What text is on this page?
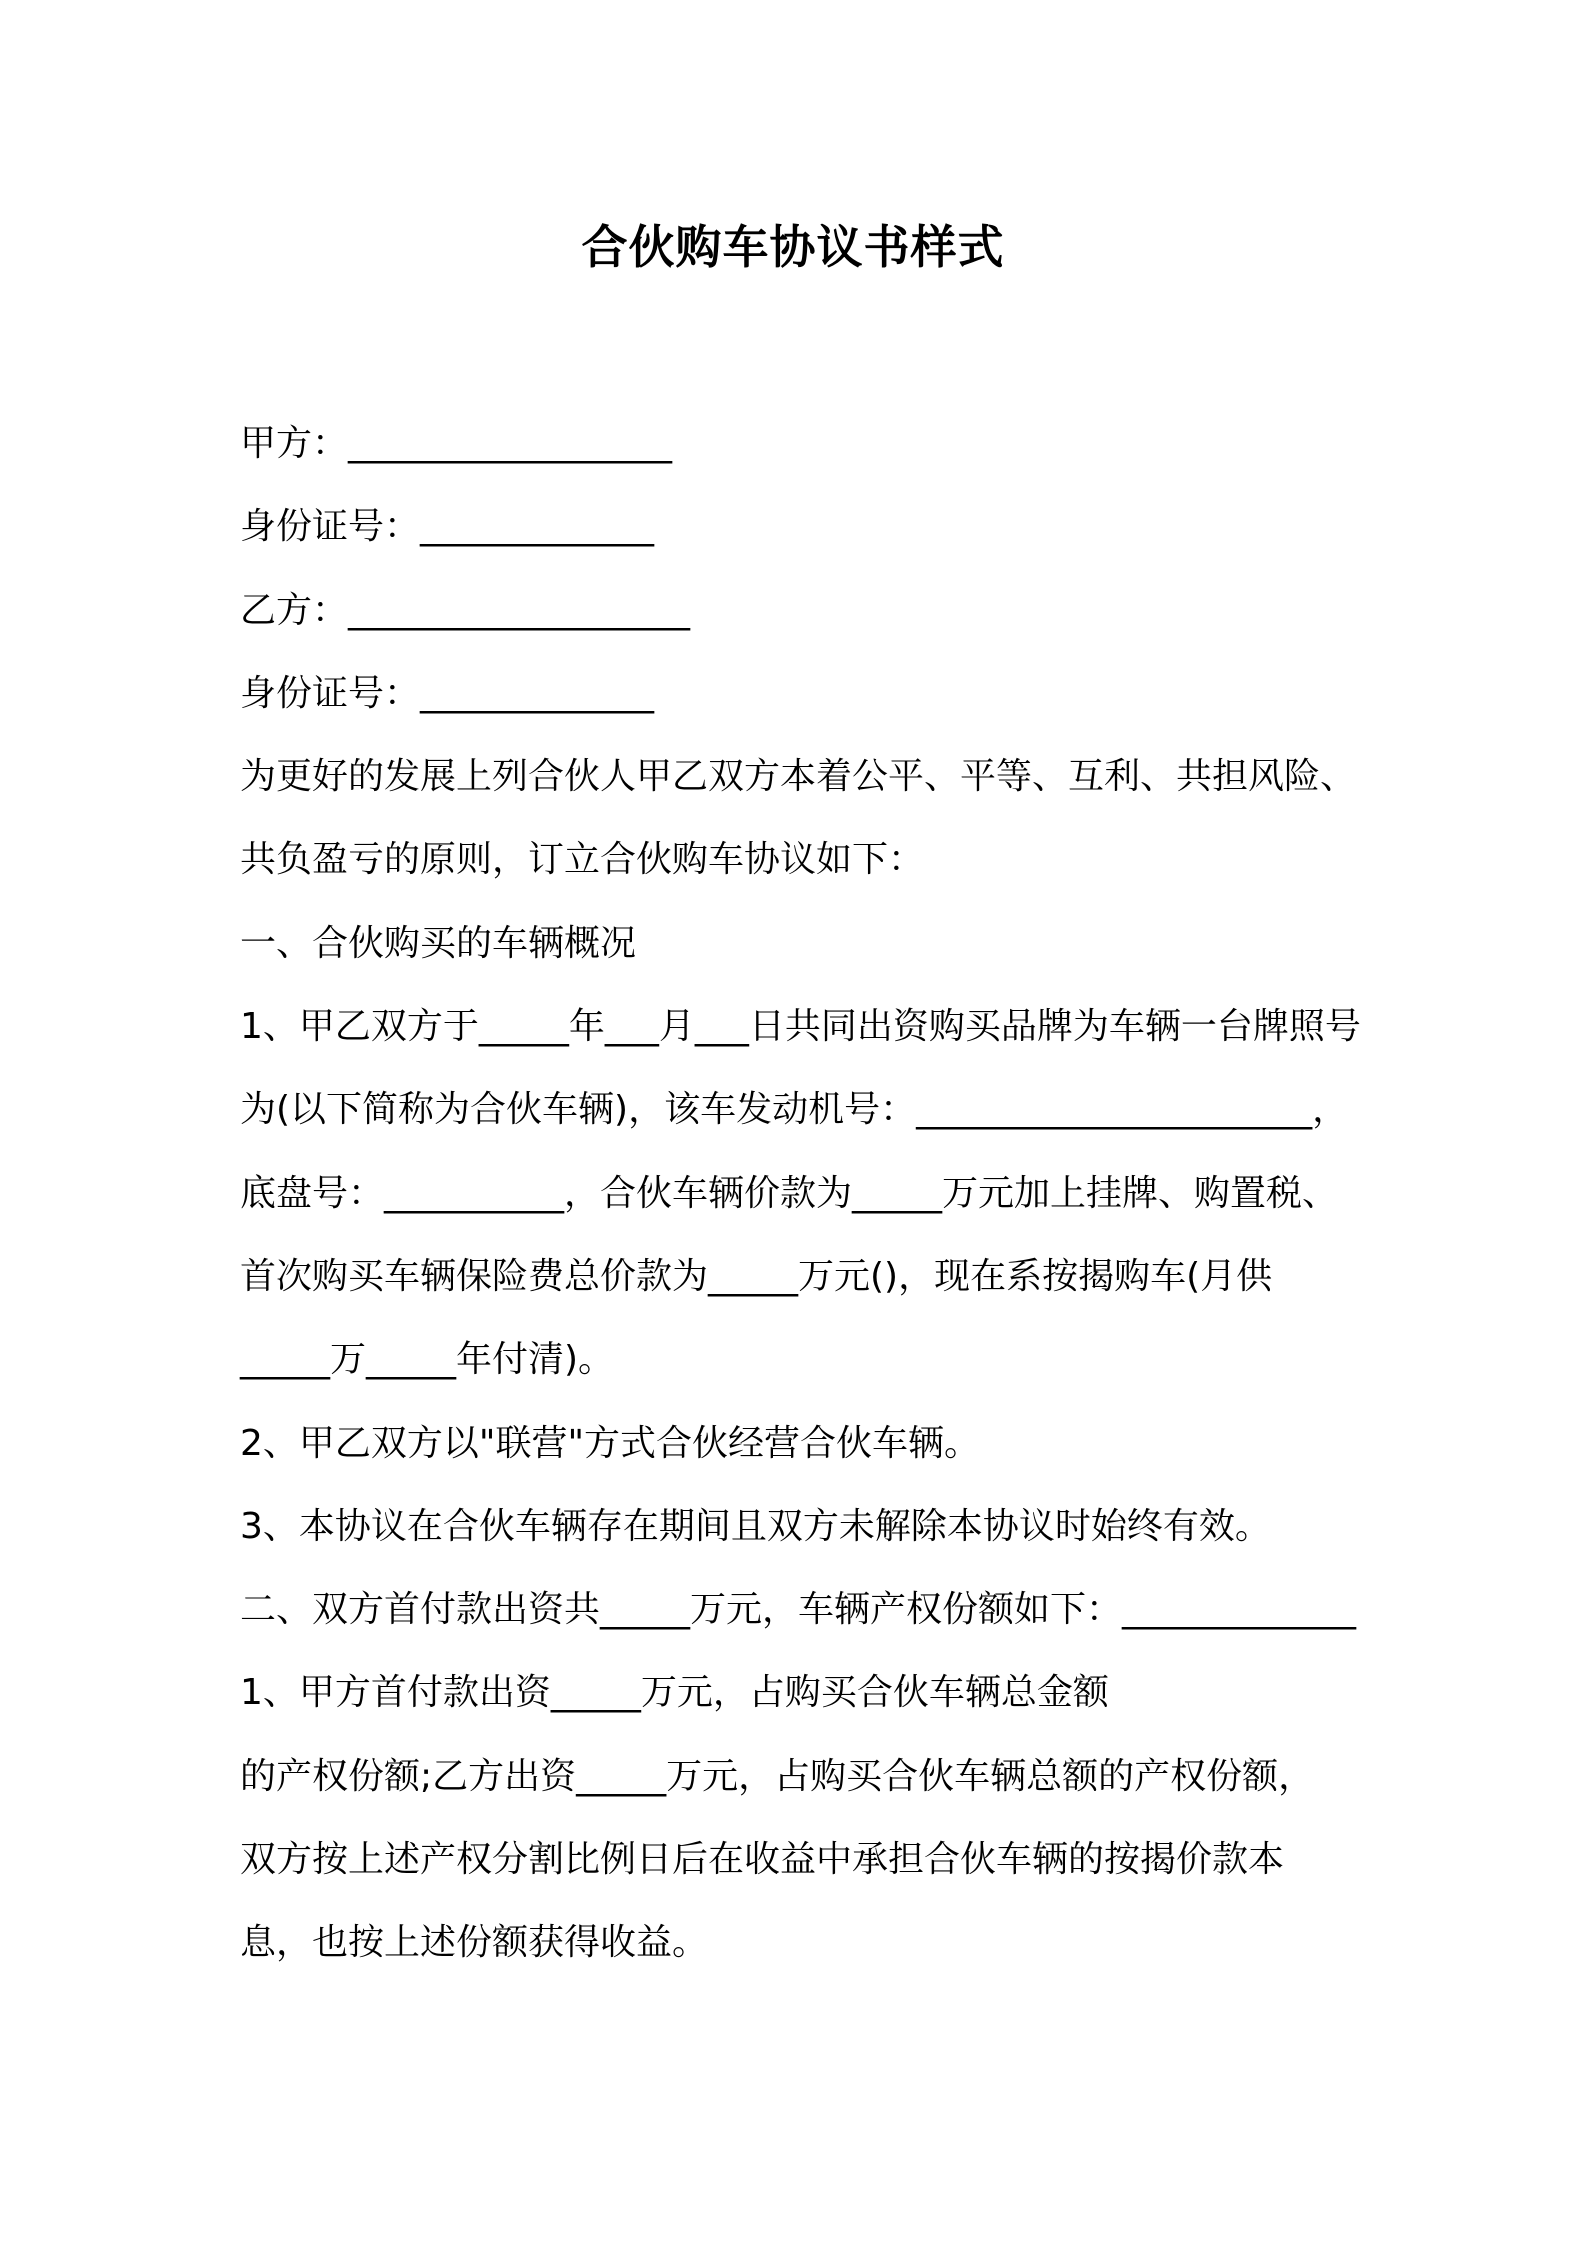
合伙购车协议书样式

甲方：__________________

身份证号：_____________

乙方：___________________

身份证号：_____________

为更好的发展上列合伙人甲乙双方本着公平、平等、互利、共担风险、

共负盈亏的原则，订立合伙购车协议如下：

一、合伙购买的车辆概况

1、甲乙双方于_____年___月___日共同出资购买品牌为车辆一台牌照号

为(以下简称为合伙车辆)，该车发动机号：______________________，

底盘号：__________，合伙车辆价款为_____万元加上挂牌、购置税、

首次购买车辆保险费总价款为_____万元()，现在系按揭购车(月供

_____万_____年付清)。

2、甲乙双方以"联营"方式合伙经营合伙车辆。

3、本协议在合伙车辆存在期间且双方未解除本协议时始终有效。

二、双方首付款出资共_____万元，车辆产权份额如下：_____________

1、甲方首付款出资_____万元，占购买合伙车辆总金额

的产权份额;乙方出资_____万元，占购买合伙车辆总额的产权份额，

双方按上述产权分割比例日后在收益中承担合伙车辆的按揭价款本

息，也按上述份额获得收益。
